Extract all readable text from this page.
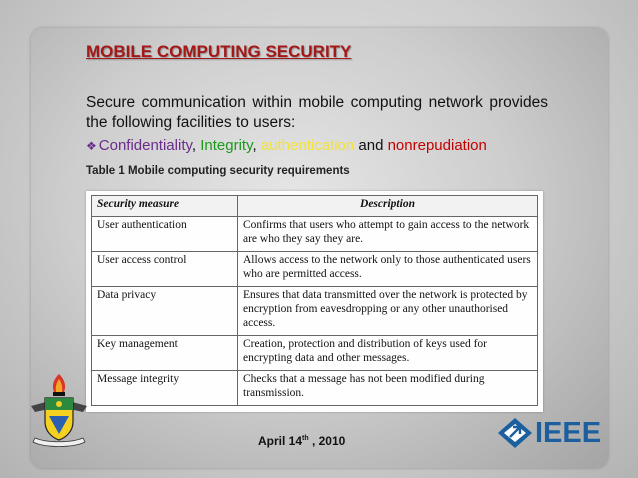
MOBILE COMPUTING SECURITY
Secure communication within mobile computing network provides the following facilities to users:
❖ Confidentiality, Integrity, authentication and nonrepudiation
Table 1 Mobile computing security requirements
Security measure	Description
User authentication	Confirms that users who attempt to gain access to the network are who they say they are.
User access control	Allows access to the network only to those authenticated users who are permitted access.
Data privacy	Ensures that data transmitted over the network is protected by encryption from eavesdropping or any other unauthorised access.
Key management	Creation, protection and distribution of keys used for encrypting data and other messages.
Message integrity	Checks that a message has not been modified during transmission.
April 14th , 2010	IEEE
